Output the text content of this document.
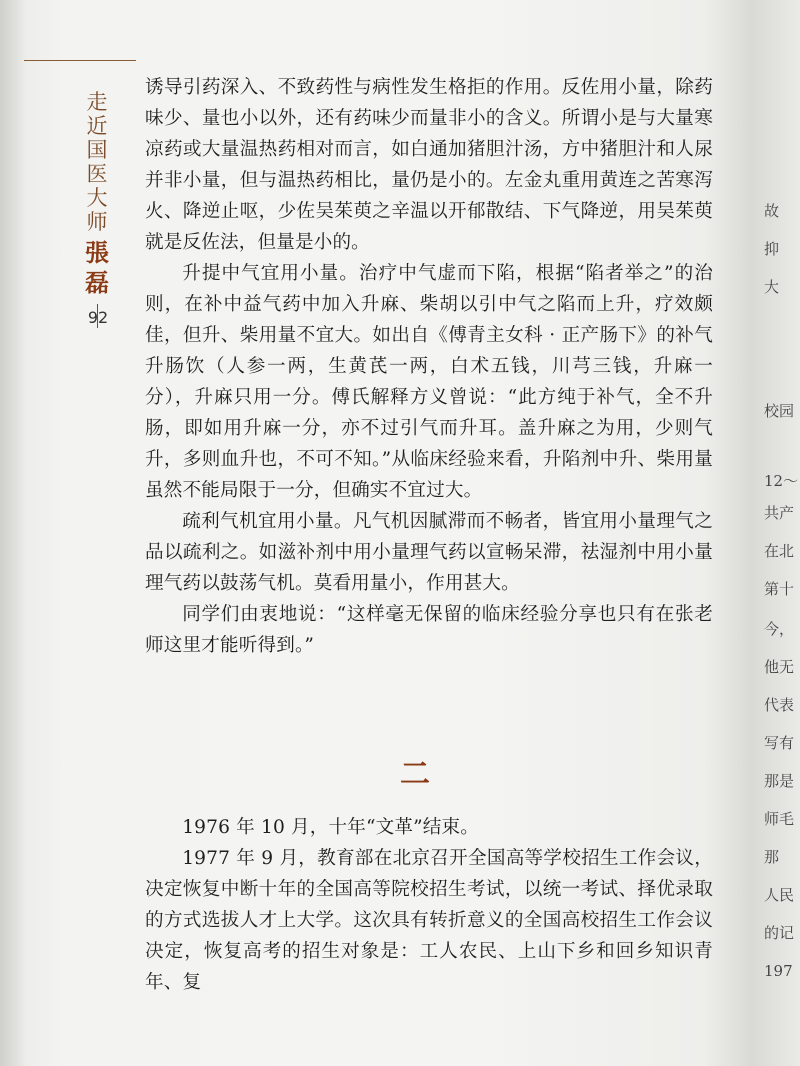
走近国医大师
張磊
92

诱导引药深入、不致药性与病性发生格拒的作用。反佐用小量，除药味少、量也小以外，还有药味少而量非小的含义。所谓小是与大量寒凉药或大量温热药相对而言，如白通加猪胆汁汤，方中猪胆汁和人尿并非小量，但与温热药相比，量仍是小的。左金丸重用黄连之苦寒泻火、降逆止呕，少佐吴茱萸之辛温以开郁散结、下气降逆，用吴茱萸就是反佐法，但量是小的。

升提中气宜用小量。治疗中气虚而下陷，根据“陷者举之”的治则，在补中益气药中加入升麻、柴胡以引中气之陷而上升，疗效颇佳，但升、柴用量不宜大。如出自《傅青主女科 · 正产肠下》的补气升肠饮（人参一两，生黄芪一两，白术五钱，川芎三钱，升麻一分），升麻只用一分。傅氏解释方义曾说：“此方纯于补气，全不升肠，即如用升麻一分，亦不过引气而升耳。盖升麻之为用，少则气升，多则血升也，不可不知。”从临床经验来看，升陷剂中升、柴用量虽然不能局限于一分，但确实不宜过大。

疏利气机宜用小量。凡气机因腻滞而不畅者，皆宜用小量理气之品以疏利之。如滋补剂中用小量理气药以宣畅呆滞，祛湿剂中用小量理气药以鼓荡气机。莫看用量小，作用甚大。

同学们由衷地说：“这样毫无保留的临床经验分享也只有在张老师这里才能听得到。”

二

1976 年 10 月，十年“文革”结束。

1977 年 9 月，教育部在北京召开全国高等学校招生工作会议，决定恢复中断十年的全国高等院校招生考试，以统一考试、择优录取的方式选拔人才上大学。这次具有转折意义的全国高校招生工作会议决定，恢复高考的招生对象是：工人农民、上山下乡和回乡知识青年、复

故
抑
大
校园
12～
共产
在北
第十
今，
他无
代表
写有
那是
师毛
那
人民
的记
197
